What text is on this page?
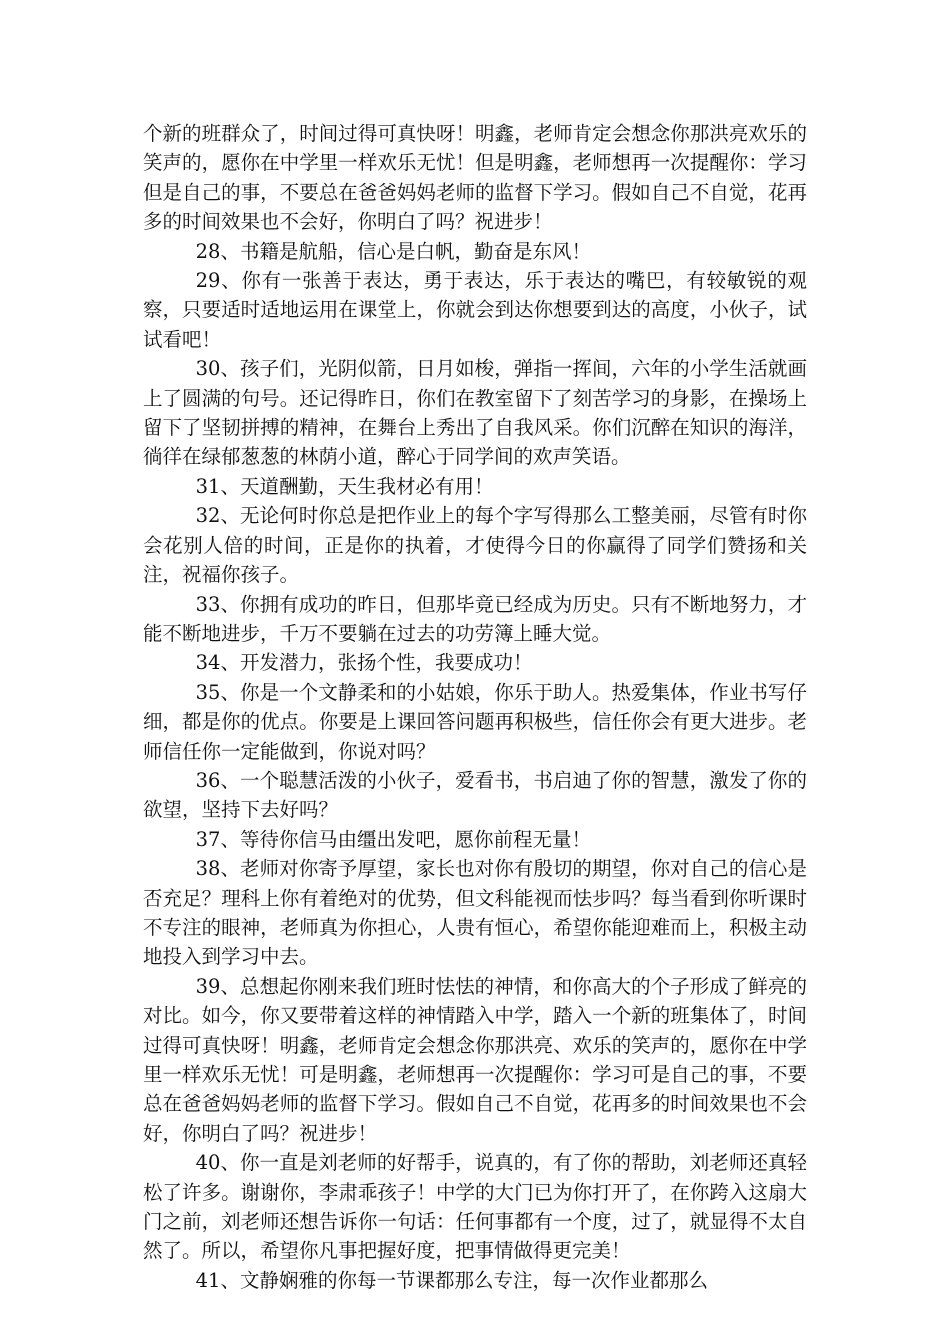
个新的班群众了，时间过得可真快呀！明鑫，老师肯定会想念你那洪亮欢乐的笑声的，愿你在中学里一样欢乐无忧！但是明鑫，老师想再一次提醒你：学习但是自己的事，不要总在爸爸妈妈老师的监督下学习。假如自己不自觉，花再多的时间效果也不会好，你明白了吗？祝进步！

28、书籍是航船，信心是白帆，勤奋是东风！

29、你有一张善于表达，勇于表达，乐于表达的嘴巴，有较敏锐的观察，只要适时适地运用在课堂上，你就会到达你想要到达的高度，小伙子，试试看吧！

30、孩子们，光阴似箭，日月如梭，弹指一挥间，六年的小学生活就画上了圆满的句号。还记得昨日，你们在教室留下了刻苦学习的身影，在操场上留下了坚韧拼搏的精神，在舞台上秀出了自我风采。你们沉醉在知识的海洋，徜徉在绿郁葱葱的林荫小道，醉心于同学间的欢声笑语。

31、天道酬勤，天生我材必有用！

32、无论何时你总是把作业上的每个字写得那么工整美丽，尽管有时你会花别人倍的时间，正是你的执着，才使得今日的你赢得了同学们赞扬和关注，祝福你孩子。

33、你拥有成功的昨日，但那毕竟已经成为历史。只有不断地努力，才能不断地进步，千万不要躺在过去的功劳簿上睡大觉。

34、开发潜力，张扬个性，我要成功！

35、你是一个文静柔和的小姑娘，你乐于助人。热爱集体，作业书写仔细，都是你的优点。你要是上课回答问题再积极些，信任你会有更大进步。老师信任你一定能做到，你说对吗？

36、一个聪慧活泼的小伙子，爱看书，书启迪了你的智慧，激发了你的欲望，坚持下去好吗？

37、等待你信马由缰出发吧，愿你前程无量！

38、老师对你寄予厚望，家长也对你有殷切的期望，你对自己的信心是否充足？理科上你有着绝对的优势，但文科能视而怯步吗？每当看到你听课时不专注的眼神，老师真为你担心，人贵有恒心，希望你能迎难而上，积极主动地投入到学习中去。

39、总想起你刚来我们班时怯怯的神情，和你高大的个子形成了鲜亮的对比。如今，你又要带着这样的神情踏入中学，踏入一个新的班集体了，时间过得可真快呀！明鑫，老师肯定会想念你那洪亮、欢乐的笑声的，愿你在中学里一样欢乐无忧！可是明鑫，老师想再一次提醒你：学习可是自己的事，不要总在爸爸妈妈老师的监督下学习。假如自己不自觉，花再多的时间效果也不会好，你明白了吗？祝进步！

40、你一直是刘老师的好帮手，说真的，有了你的帮助，刘老师还真轻松了许多。谢谢你，李肃乖孩子！中学的大门已为你打开了，在你跨入这扇大门之前，刘老师还想告诉你一句话：任何事都有一个度，过了，就显得不太自然了。所以，希望你凡事把握好度，把事情做得更完美！

41、文静娴雅的你每一节课都那么专注，每一次作业都那么
